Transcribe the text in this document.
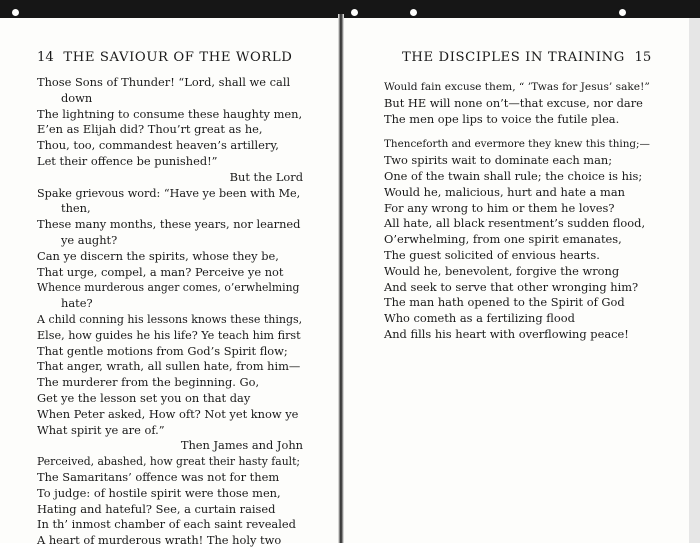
14 THE SAVIOUR OF THE WORLD
Those Sons of Thunder! “Lord, shall we call
down
The lightning to consume these haughty men,
E’en as Elijah did? Thou’rt great as he,
Thou, too, commandest heaven’s artillery,
Let their offence be punished!”
But the Lord
Spake grievous word: “Have ye been with Me,
then,
These many months, these years, nor learned
ye aught?
Can ye discern the spirits, whose they be,
That urge, compel, a man? Perceive ye not
Whence murderous anger comes, o’erwhelming
hate?
A child conning his lessons knows these things,
Else, how guides he his life? Ye teach him first
That gentle motions from God’s Spirit flow;
That anger, wrath, all sullen hate, from him—
The murderer from the beginning. Go,
Get ye the lesson set you on that day
When Peter asked, How oft? Not yet know ye
What spirit ye are of.”
Then James and John
Perceived, abashed, how great their hasty fault;
The Samaritans’ offence was not for them
To judge: of hostile spirit were those men,
Hating and hateful? See, a curtain raised
In th’ inmost chamber of each saint revealed
A heart of murderous wrath! The holy two
THE DISCIPLES IN TRAINING 15
Would fain excuse them, “ ’Twas for Jesus’ sake!”
But HE will none on’t—that excuse, nor dare
The men ope lips to voice the futile plea.
Thenceforth and evermore they knew this thing;—
Two spirits wait to dominate each man;
One of the twain shall rule; the choice is his;
Would he, malicious, hurt and hate a man
For any wrong to him or them he loves?
All hate, all black resentment’s sudden flood,
O’erwhelming, from one spirit emanates,
The guest solicited of envious hearts.
Would he, benevolent, forgive the wrong
And seek to serve that other wronging him?
The man hath opened to the Spirit of God
Who cometh as a fertilizing flood
And fills his heart with overflowing peace!
